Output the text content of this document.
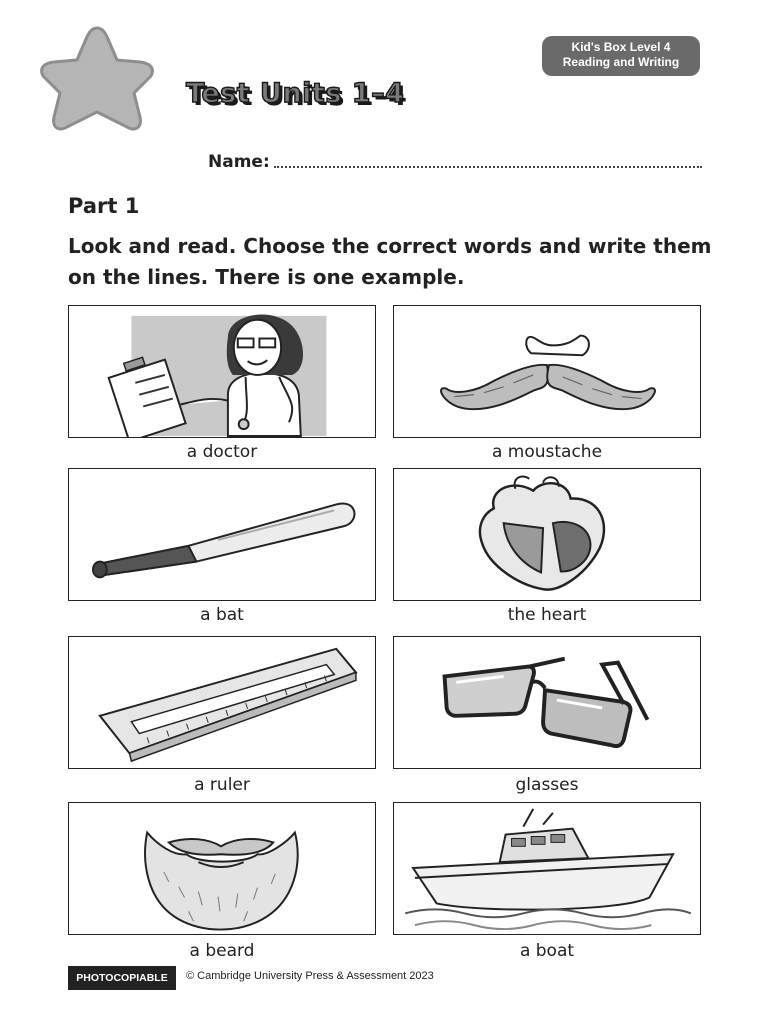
Kid's Box Level 4
Reading and Writing
Test Units 1–4
Name:
Part 1
Look and read. Choose the correct words and write them on the lines. There is one example.
a doctor	a moustache
a bat	the heart
a ruler	glasses
a beard	a boat
PHOTOCOPIABLE	© Cambridge University Press & Assessment 2023
